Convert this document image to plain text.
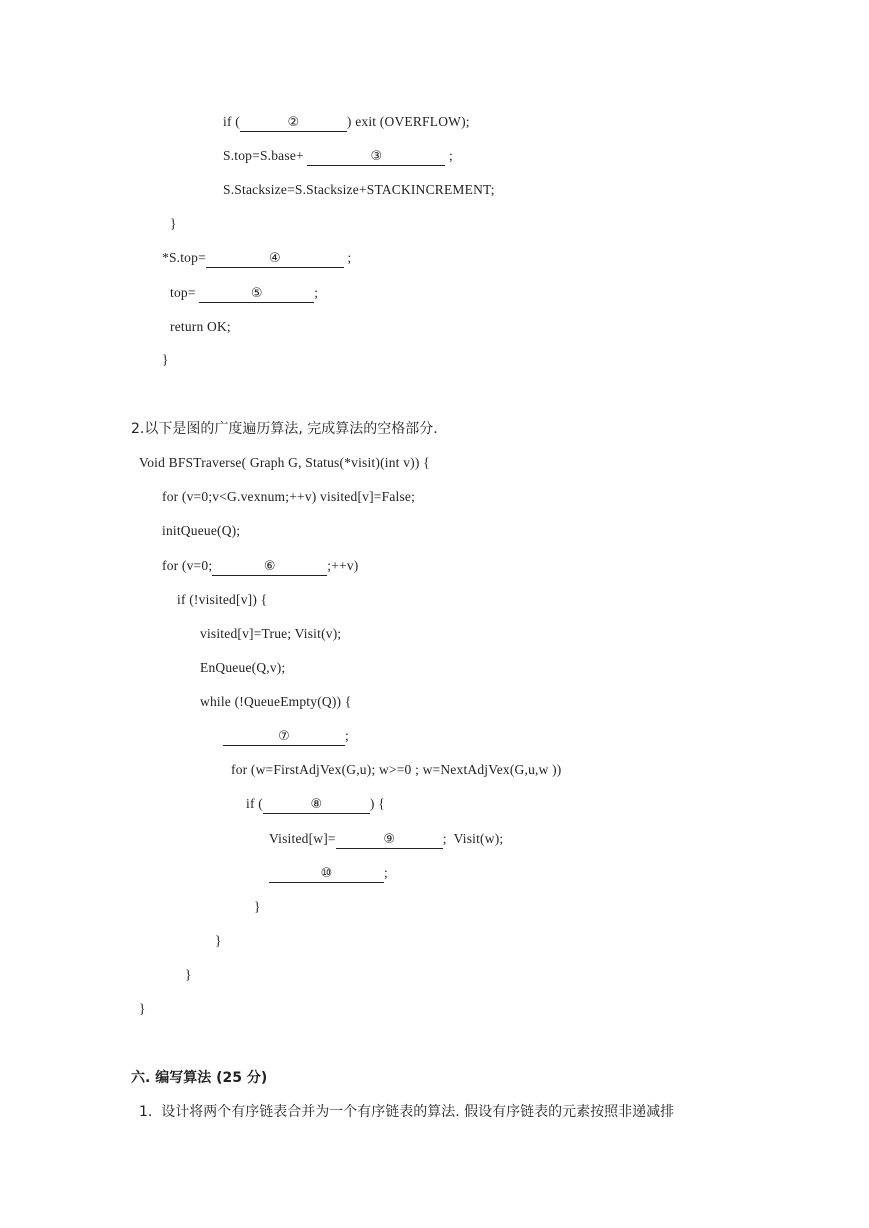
if (	②	) exit (OVERFLOW);
S.top=S.base+	③	;
S.Stacksize=S.Stacksize+STACKINCREMENT;
}
*S.top=	④	;
top=	⑤	;
return OK;
}
2.以下是图的广度遍历算法, 完成算法的空格部分.
Void BFSTraverse( Graph G, Status(*visit)(int v)) {
for (v=0;v<G.vexnum;++v) visited[v]=False;
initQueue(Q);
for (v=0;	⑥	;++v)
if (!visited[v]) {
visited[v]=True; Visit(v);
EnQueue(Q,v);
while (!QueueEmpty(Q)) {
⑦	;
for (w=FirstAdjVex(G,u); w>=0 ; w=NextAdjVex(G,u,w ))
if (	⑧	) {
Visited[w]=	⑨	;  Visit(w);
⑩	;
}
}
}
}
六. 编写算法 (25 分)
1.  设计将两个有序链表合并为一个有序链表的算法. 假设有序链表的元素按照非递减排
